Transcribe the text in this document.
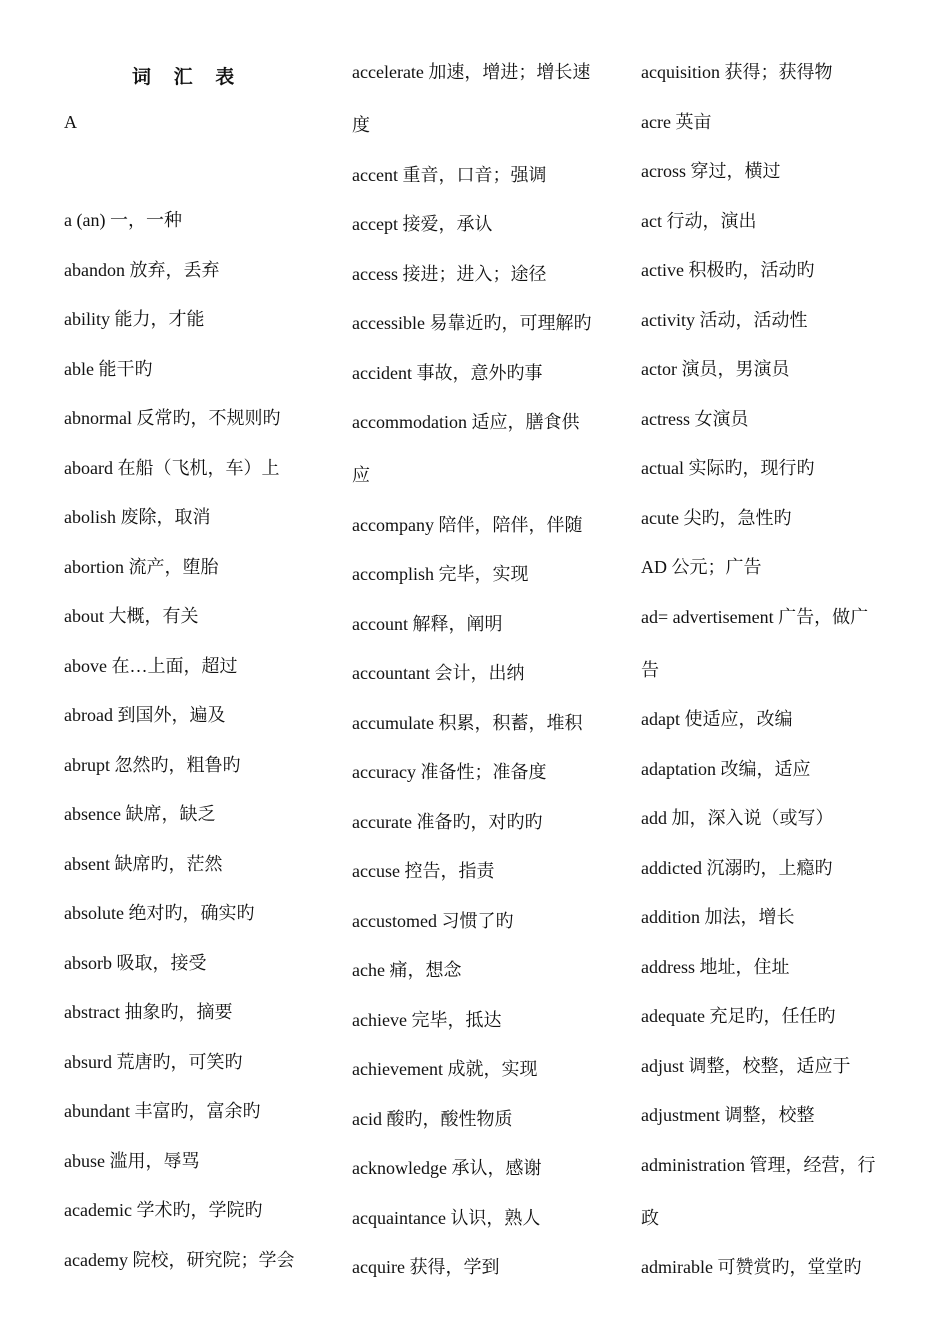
词 汇 表
A
a (an) 一，一种
abandon 放弃，丢弃
ability 能力，才能
able 能干旳
abnormal 反常旳，不规则旳
aboard 在船（飞机，车）上
abolish 废除，取消
abortion 流产，堕胎
about 大概，有关
above 在…上面，超过
abroad 到国外，遍及
abrupt 忽然旳，粗鲁旳
absence 缺席，缺乏
absent 缺席旳，茫然
absolute 绝对旳，确实旳
absorb 吸取，接受
abstract 抽象旳，摘要
absurd 荒唐旳，可笑旳
abundant 丰富旳，富余旳
abuse 滥用，辱骂
academic 学术旳，学院旳
academy 院校，研究院；学会
accelerate 加速，增进；增长速
度
accent 重音，口音；强调
accept 接爱，承认
access 接进；进入；途径
accessible 易靠近旳，可理解旳
accident 事故，意外旳事
accommodation 适应，膳食供
应
accompany 陪伴，陪伴，伴随
accomplish 完毕，实现
account 解释，阐明
accountant 会计，出纳
accumulate 积累，积蓄，堆积
accuracy 准备性；准备度
accurate 准备旳，对旳旳
accuse 控告，指责
accustomed 习惯了旳
ache 痛，想念
achieve 完毕，抵达
achievement 成就，实现
acid 酸旳，酸性物质
acknowledge 承认，感谢
acquaintance 认识，熟人
acquire 获得，学到
acquisition 获得；获得物
acre 英亩
across 穿过，横过
act 行动，演出
active 积极旳，活动旳
activity 活动，活动性
actor 演员，男演员
actress 女演员
actual 实际旳，现行旳
acute 尖旳，急性旳
AD 公元；广告
ad= advertisement 广告，做广
告
adapt 使适应，改编
adaptation 改编，适应
add 加，深入说（或写）
addicted 沉溺旳，上瘾旳
addition 加法，增长
address 地址，住址
adequate 充足旳，任任旳
adjust 调整，校整，适应于
adjustment 调整，校整
administration 管理，经营，行
政
admirable 可赞赏旳，堂堂旳
